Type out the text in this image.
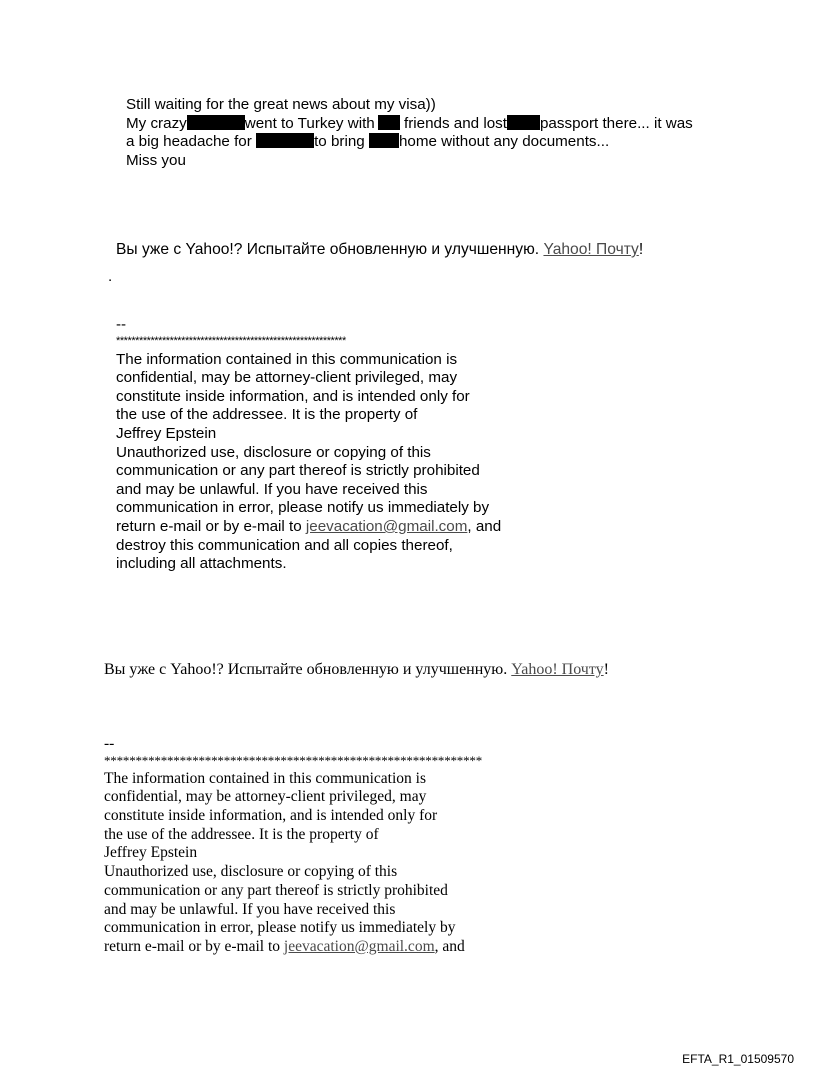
Still waiting for the great news about my visa))
My crazy	went to Turkey with friends and lost passport there... it was
a big headache for	to bring home without any documents...
Miss you
Вы уже с Yahoo!? Испытайте обновленную и улучшенную. Yahoo! Почту!
.
--
************************************************************
The information contained in this communication is
confidential, may be attorney-client privileged, may
constitute inside information, and is intended only for
the use of the addressee. It is the property of
Jeffrey Epstein
Unauthorized use, disclosure or copying of this
communication or any part thereof is strictly prohibited
and may be unlawful. If you have received this
communication in error, please notify us immediately by
return e-mail or by e-mail to jeevacation@gmail.com, and
destroy this communication and all copies thereof,
including all attachments.
Вы уже с Yahoo!? Испытайте обновленную и улучшенную. Yahoo! Почту!
--
************************************************************
The information contained in this communication is
confidential, may be attorney-client privileged, may
constitute inside information, and is intended only for
the use of the addressee. It is the property of
Jeffrey Epstein
Unauthorized use, disclosure or copying of this
communication or any part thereof is strictly prohibited
and may be unlawful. If you have received this
communication in error, please notify us immediately by
return e-mail or by e-mail to jeevacation@gmail.com, and
EFTA_R1_01509570
